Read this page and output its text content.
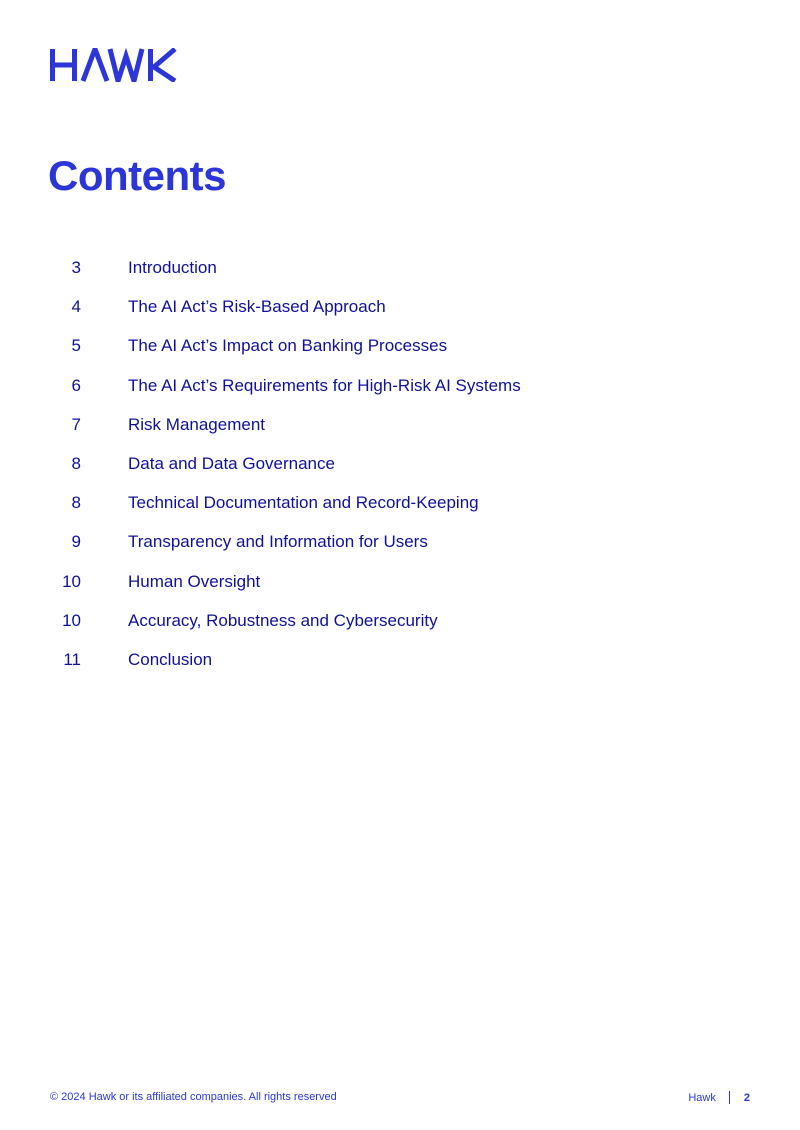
Contents
3	Introduction
4	The AI Act’s Risk-Based Approach
5	The AI Act’s Impact on Banking Processes
6	The AI Act’s Requirements for High-Risk AI Systems
7	Risk Management
8	Data and Data Governance
8	Technical Documentation and Record-Keeping
9	Transparency and Information for Users
10	Human Oversight
10	Accuracy, Robustness and Cybersecurity
11	Conclusion
© 2024 Hawk or its affiliated companies. All rights reserved	Hawk	2
